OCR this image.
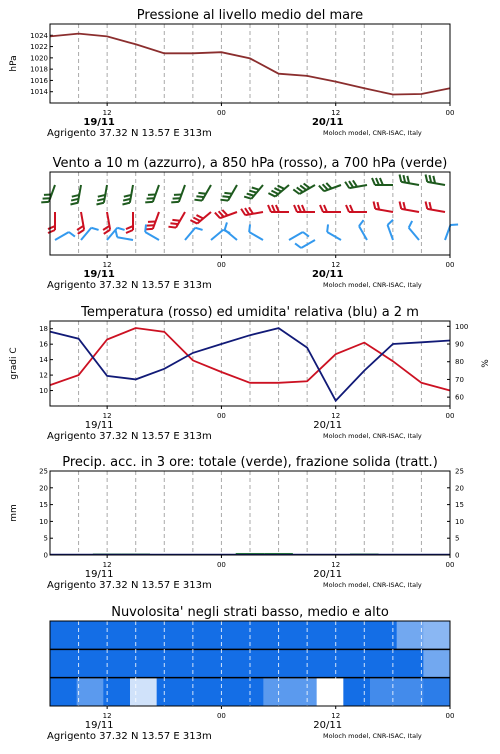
Pressione al livello medio del mare
1014
1016
1018
1020
1022
1024
hPa
12	00	12	00
19/11	20/11
Agrigento 37.32 N 13.57 E 313m	Moloch model, CNR-ISAC, Italy
Vento a 10 m (azzurro), a 850 hPa (rosso), a 700 hPa (verde)
12	00	12	00
19/11	20/11
Agrigento 37.32 N 13.57 E 313m	Moloch model, CNR-ISAC, Italy
Temperatura (rosso) ed umidita' relativa (blu) a 2 m
10
12
14
16
18
60
70
80
90
100
gradi C	%
12	00	12	00
19/11	20/11
Agrigento 37.32 N 13.57 E 313m	Moloch model, CNR-ISAC, Italy
Precip. acc. in 3 ore: totale (verde), frazione solida (tratt.)
0	0
5	5
10	10
15	15
20	20
25	25
mm
12	00	12	00
19/11	20/11
Agrigento 37.32 N 13.57 E 313m	Moloch model, CNR-ISAC, Italy
Nuvolosita' negli strati basso, medio e alto
12	00	12	00
19/11	20/11
Agrigento 37.32 N 13.57 E 313m	Moloch model, CNR-ISAC, Italy
